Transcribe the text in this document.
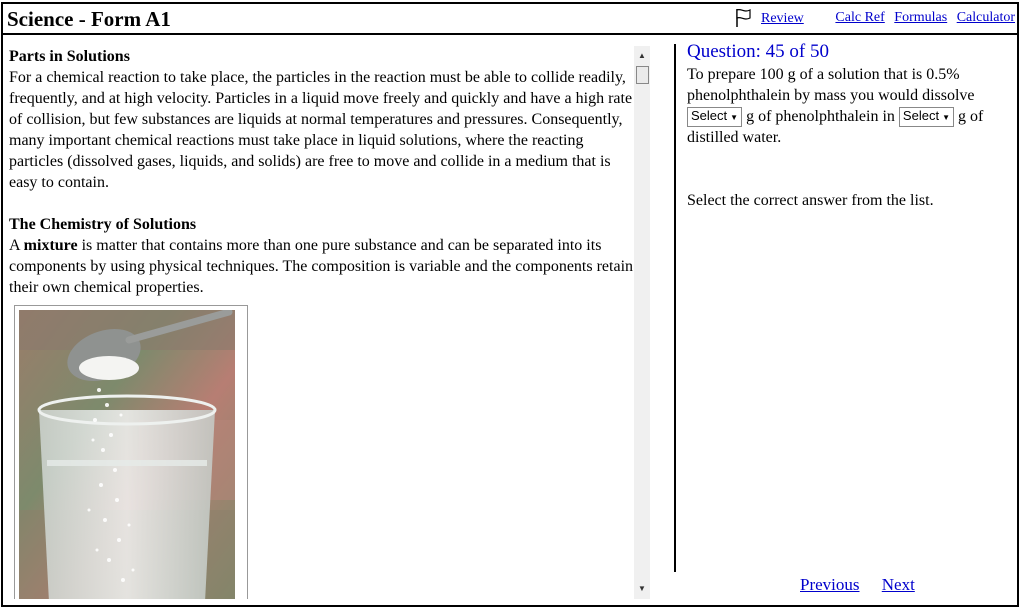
Science - Form A1	Review	Calc Ref Formulas Calculator
Parts in Solutions

For a chemical reaction to take place, the particles in the reaction must be able to collide readily, frequently, and at high velocity. Particles in a liquid move freely and quickly and have a high rate of collision, but few substances are liquids at normal temperatures and pressures. Consequently, many important chemical reactions must take place in liquid solutions, where the reacting particles (dissolved gases, liquids, and solids) are free to move and collide in a medium that is easy to contain.

The Chemistry of Solutions

A mixture is matter that contains more than one pure substance and can be separated into its components by using physical techniques. The composition is variable and the components retain their own chemical properties.

▲
▼
Question: 45 of 50
To prepare 100 g of a solution that is 0.5% phenolphthalein by mass you would dissolve
Select ▼ g of phenolphthalein in Select ▼ g of distilled water.
Select the correct answer from the list.
Previous Next
